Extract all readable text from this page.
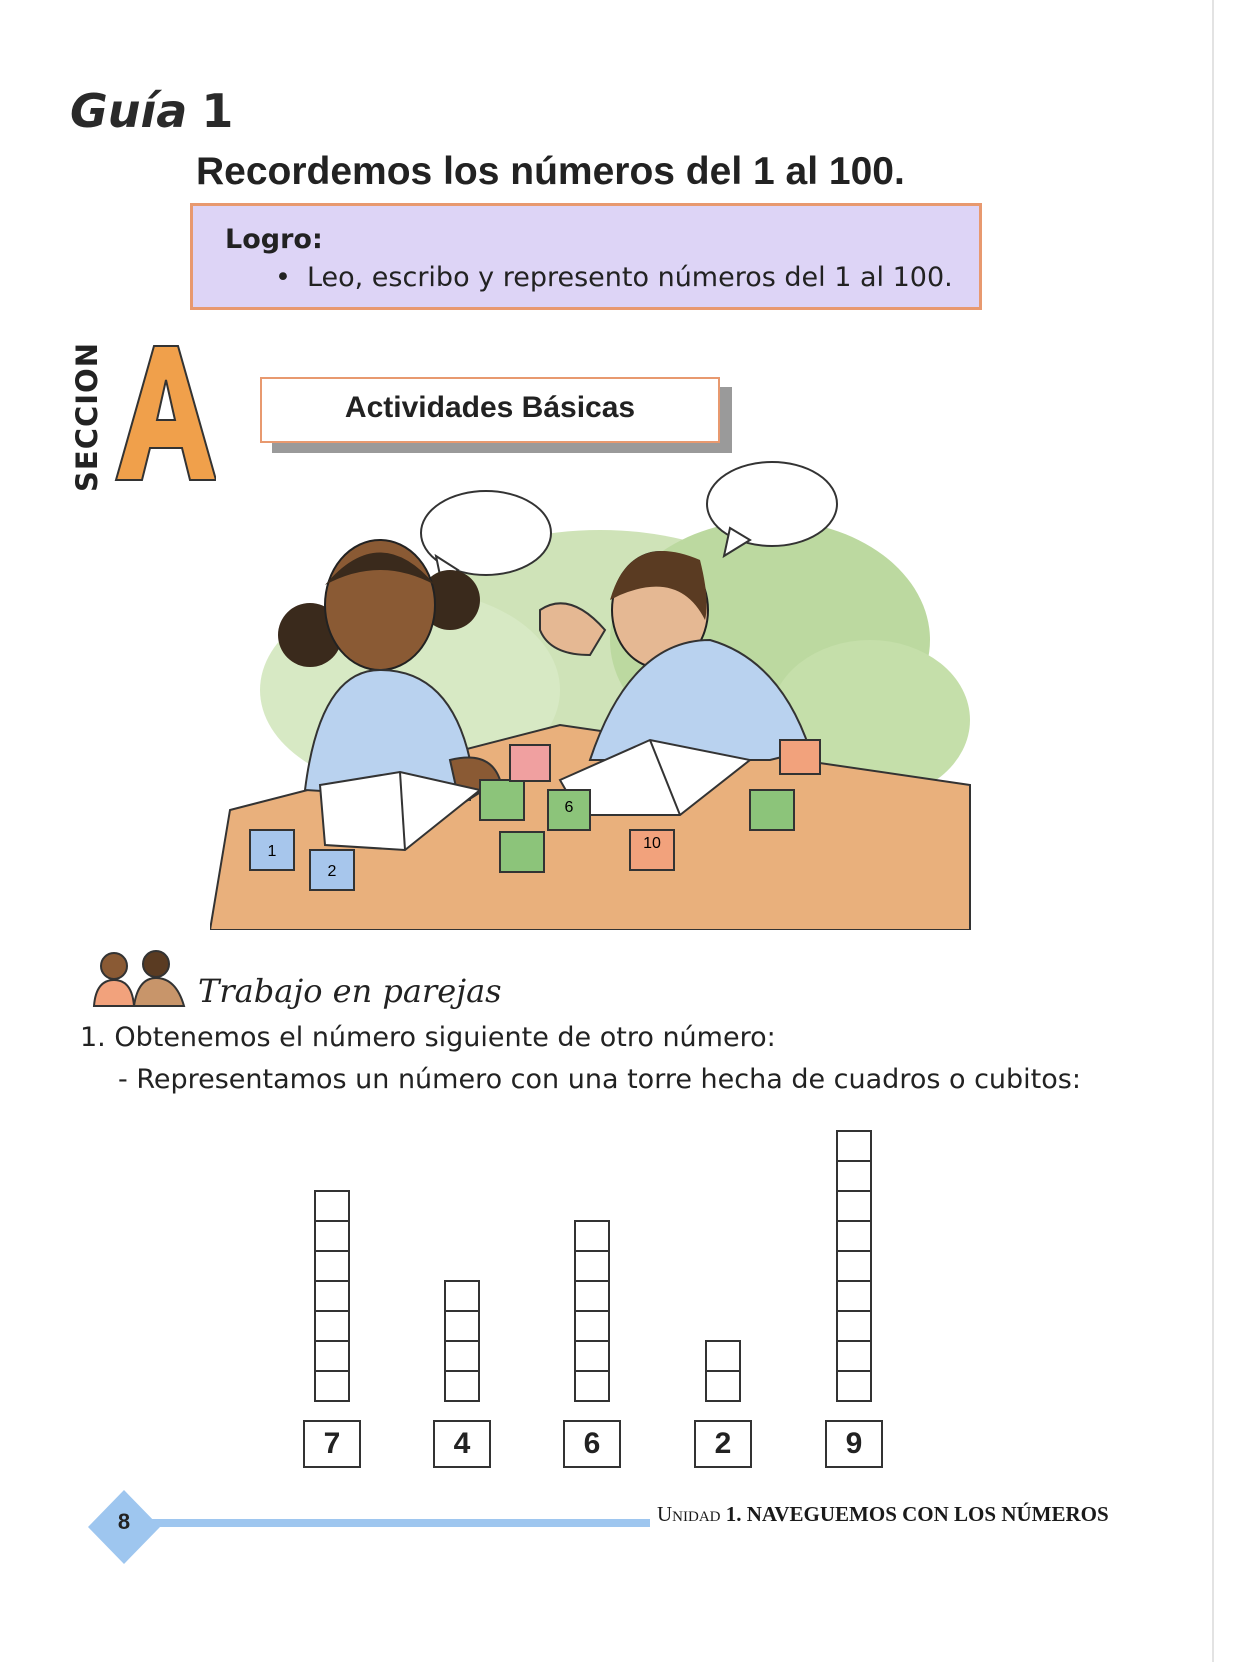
Guía 1
Recordemos los números del 1 al 100.
Logro:
• Leo, escribo y represento números del 1 al 100.
SECCION	A
Actividades Básicas
1
2
6
10
Trabajo en parejas
1. Obtenemos el número siguiente de otro número:
- Representamos un número con una torre hecha de cuadros o cubitos:
8	Unidad 1. NAVEGUEMOS CON LOS NÚMEROS
7	4	6	2	9
